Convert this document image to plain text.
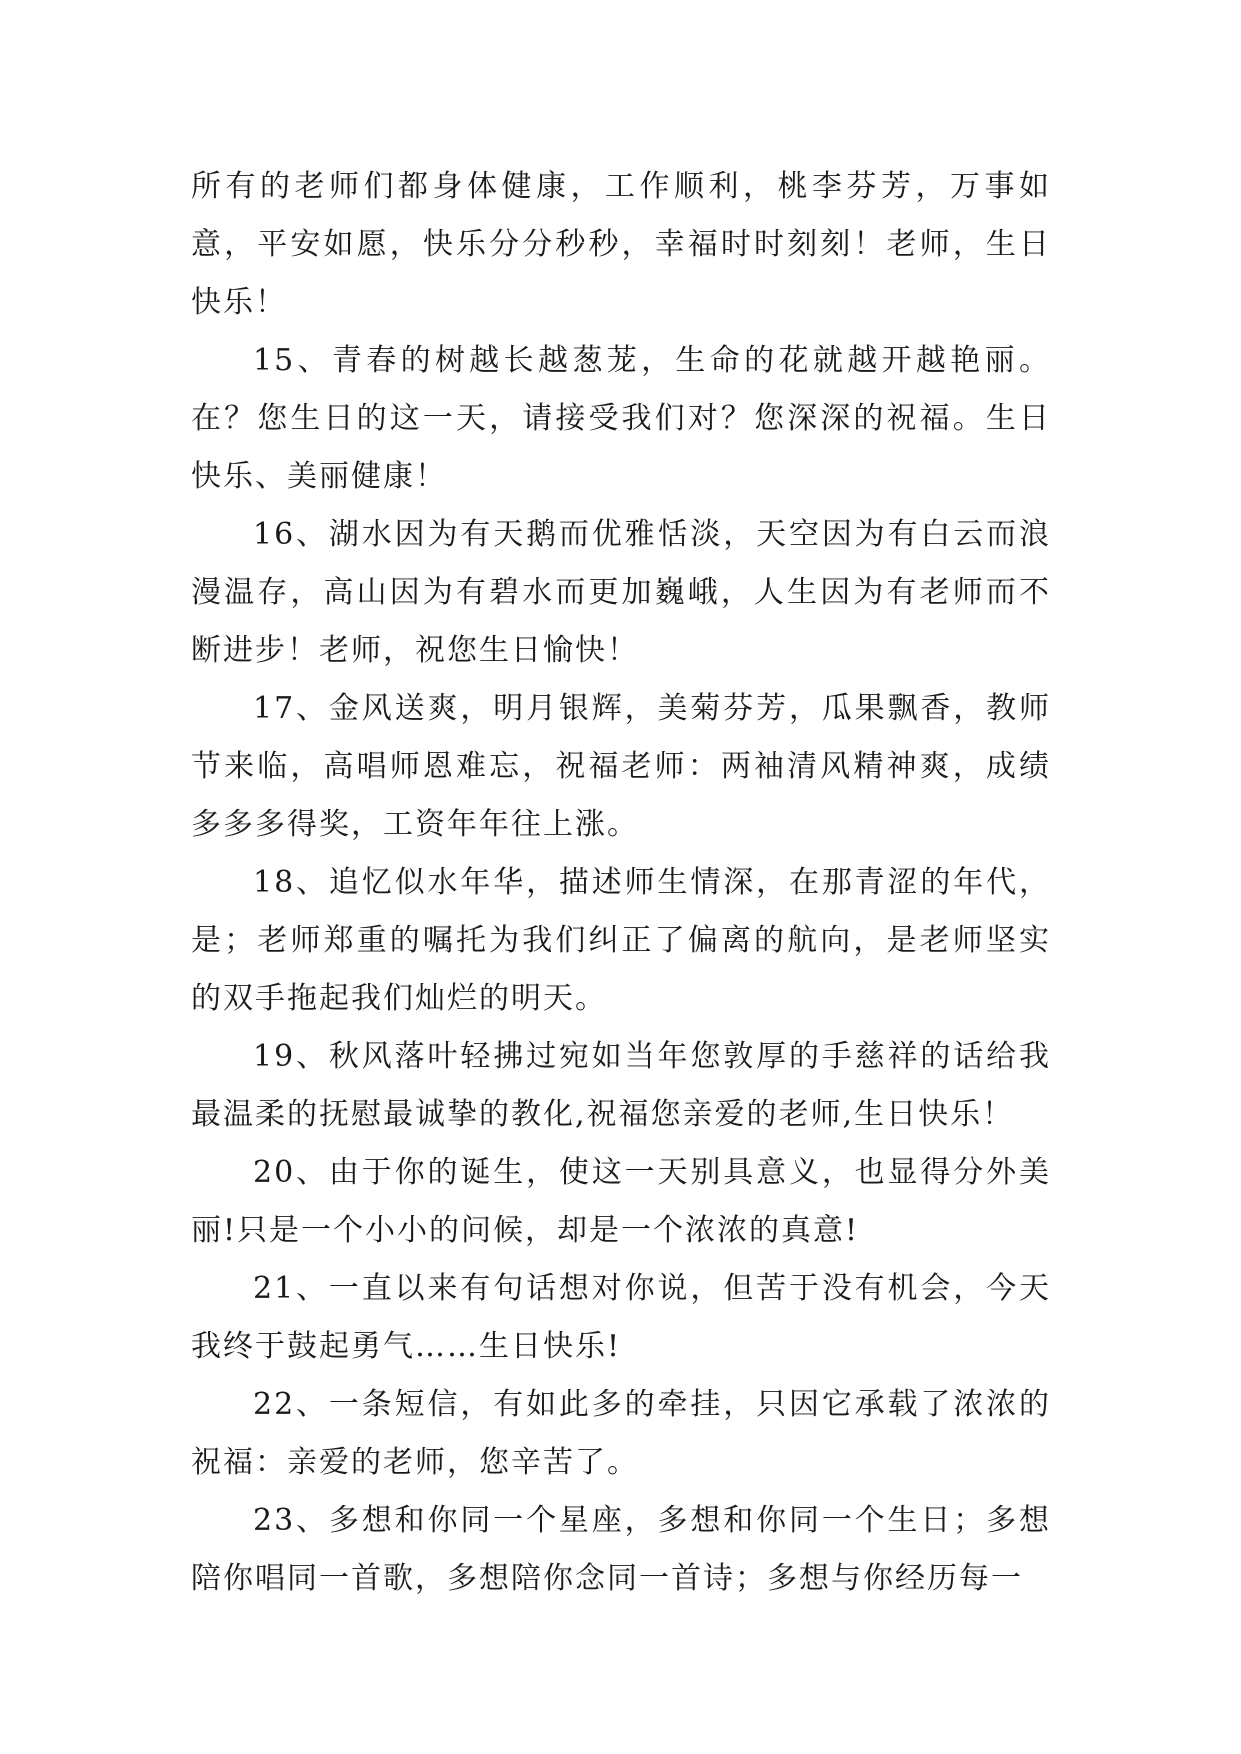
所有的老师们都身体健康，工作顺利，桃李芬芳，万事如意，平安如愿，快乐分分秒秒，幸福时时刻刻！老师，生日快乐！

15、青春的树越长越葱茏，生命的花就越开越艳丽。在？您生日的这一天，请接受我们对？您深深的祝福。生日快乐、美丽健康！

16、湖水因为有天鹅而优雅恬淡，天空因为有白云而浪漫温存，高山因为有碧水而更加巍峨，人生因为有老师而不断进步！老师，祝您生日愉快！

17、金风送爽，明月银辉，美菊芬芳，瓜果飘香，教师节来临，高唱师恩难忘，祝福老师：两袖清风精神爽，成绩多多多得奖，工资年年往上涨。

18、追忆似水年华，描述师生情深，在那青涩的年代，是；老师郑重的嘱托为我们纠正了偏离的航向，是老师坚实的双手拖起我们灿烂的明天。

19、秋风落叶轻拂过宛如当年您敦厚的手慈祥的话给我最温柔的抚慰最诚挚的教化,祝福您亲爱的老师,生日快乐！

20、由于你的诞生，使这一天别具意义，也显得分外美丽!只是一个小小的问候，却是一个浓浓的真意!

21、一直以来有句话想对你说，但苦于没有机会，今天我终于鼓起勇气……生日快乐!

22、一条短信，有如此多的牵挂，只因它承载了浓浓的祝福：亲爱的老师，您辛苦了。

23、多想和你同一个星座，多想和你同一个生日；多想陪你唱同一首歌，多想陪你念同一首诗；多想与你经历每一
